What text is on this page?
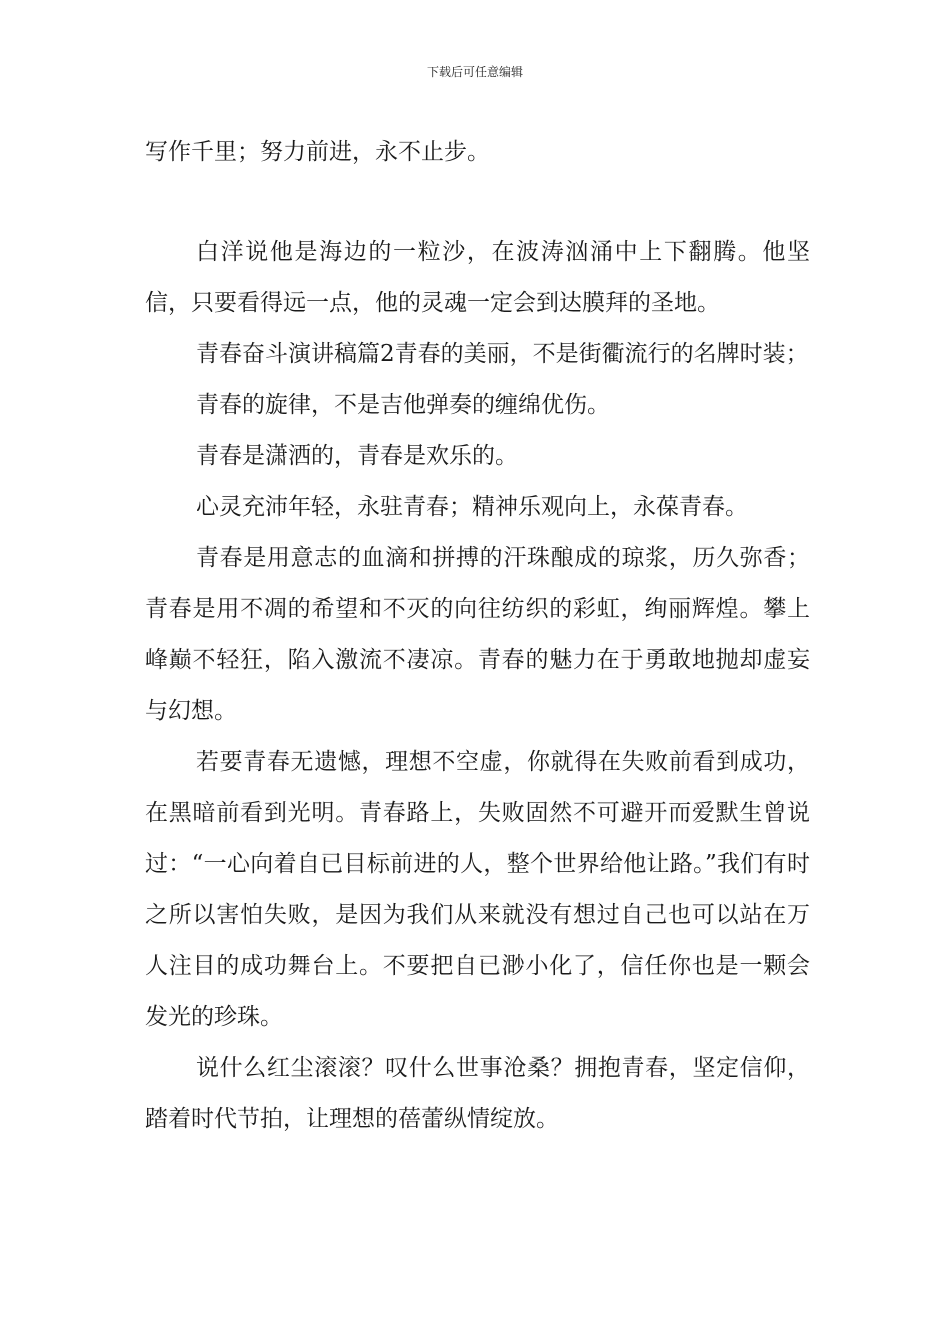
下载后可任意编辑

写作千里；努力前进，永不止步。

白洋说他是海边的一粒沙，在波涛汹涌中上下翻腾。他坚信，只要看得远一点，他的灵魂一定会到达膜拜的圣地。

青春奋斗演讲稿篇2青春的美丽，不是街衢流行的名牌时装；

青春的旋律，不是吉他弹奏的缠绵优伤。

青春是潇洒的，青春是欢乐的。

心灵充沛年轻，永驻青春；精神乐观向上，永葆青春。

青春是用意志的血滴和拼搏的汗珠酿成的琼浆，历久弥香；青春是用不凋的希望和不灭的向往纺织的彩虹，绚丽辉煌。攀上峰巅不轻狂，陷入激流不凄凉。青春的魅力在于勇敢地抛却虚妄与幻想。

若要青春无遗憾，理想不空虚，你就得在失败前看到成功，在黑暗前看到光明。青春路上，失败固然不可避开而爱默生曾说过：“一心向着自已目标前进的人，整个世界给他让路。”我们有时之所以害怕失败，是因为我们从来就没有想过自己也可以站在万人注目的成功舞台上。不要把自已渺小化了，信任你也是一颗会发光的珍珠。

说什么红尘滚滚？叹什么世事沧桑？拥抱青春，坚定信仰，踏着时代节拍，让理想的蓓蕾纵情绽放。
